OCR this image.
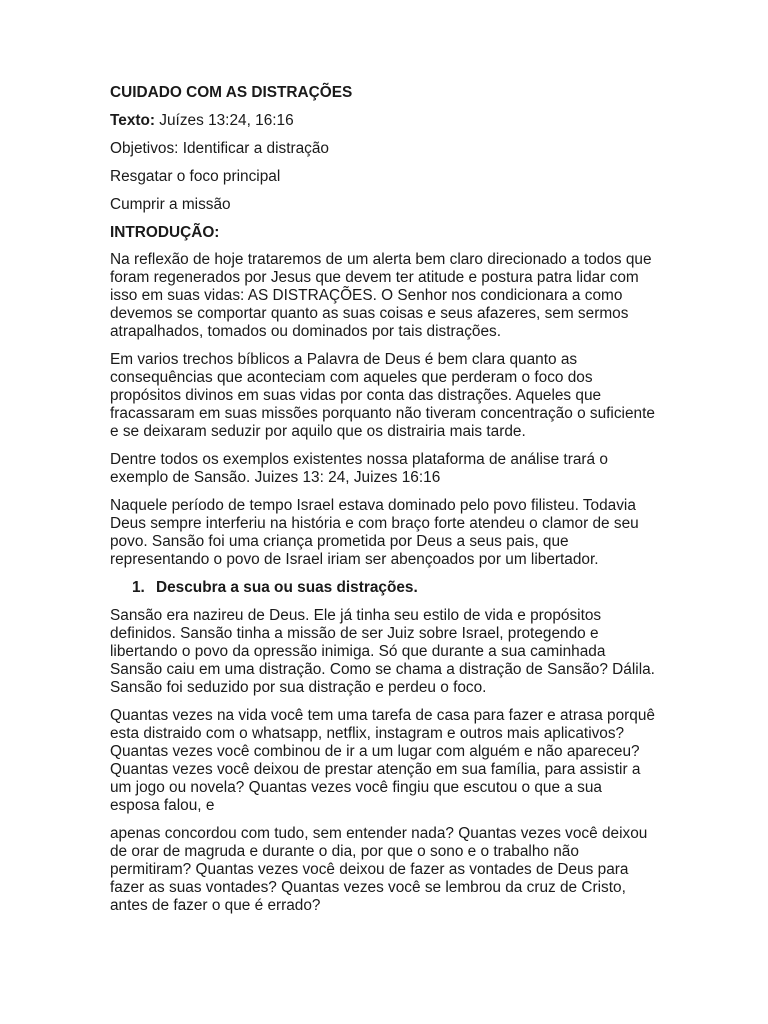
CUIDADO COM AS DISTRAÇÕES

Texto: Juízes 13:24, 16:16

Objetivos: Identificar a distração

Resgatar o foco principal

Cumprir a missão

INTRODUÇÃO:

Na reflexão de hoje trataremos de um alerta bem claro direcionado a todos que
foram regenerados por Jesus que devem ter atitude e postura patra lidar com
isso em suas vidas: AS DISTRAÇÕES. O Senhor nos condicionara a como
devemos se comportar quanto as suas coisas e seus afazeres, sem sermos
atrapalhados, tomados ou dominados por tais distrações.
Em varios trechos bíblicos a Palavra de Deus é bem clara quanto as
consequências que aconteciam com aqueles que perderam o foco dos
propósitos divinos em suas vidas por conta das distrações. Aqueles que
fracassaram em suas missões porquanto não tiveram concentração o suficiente
e se deixaram seduzir por aquilo que os distrairia mais tarde.
Dentre todos os exemplos existentes nossa plataforma de análise trará o
exemplo de Sansão. Juizes 13: 24, Juizes 16:16
Naquele período de tempo Israel estava dominado pelo povo filisteu. Todavia
Deus sempre interferiu na história e com braço forte atendeu o clamor de seu
povo. Sansão foi uma criança prometida por Deus a seus pais, que
representando o povo de Israel iriam ser abençoados por um libertador.

1. Descubra a sua ou suas distrações.

Sansão era nazireu de Deus. Ele já tinha seu estilo de vida e propósitos
definidos. Sansão tinha a missão de ser Juiz sobre Israel, protegendo e
libertando o povo da opressão inimiga. Só que durante a sua caminhada
Sansão caiu em uma distração. Como se chama a distração de Sansão? Dálila.
Sansão foi seduzido por sua distração e perdeu o foco.
Quantas vezes na vida você tem uma tarefa de casa para fazer e atrasa porquê
esta distraido com o whatsapp, netflix, instagram e outros mais aplicativos?
Quantas vezes você combinou de ir a um lugar com alguém e não apareceu?
Quantas vezes você deixou de prestar atenção em sua família, para assistir a
um jogo ou novela? Quantas vezes você fingiu que escutou o que a sua
esposa falou, e
apenas concordou com tudo, sem entender nada? Quantas vezes você deixou
de orar de magruda e durante o dia, por que o sono e o trabalho não
permitiram? Quantas vezes você deixou de fazer as vontades de Deus para
fazer as suas vontades? Quantas vezes você se lembrou da cruz de Cristo,
antes de fazer o que é errado?
